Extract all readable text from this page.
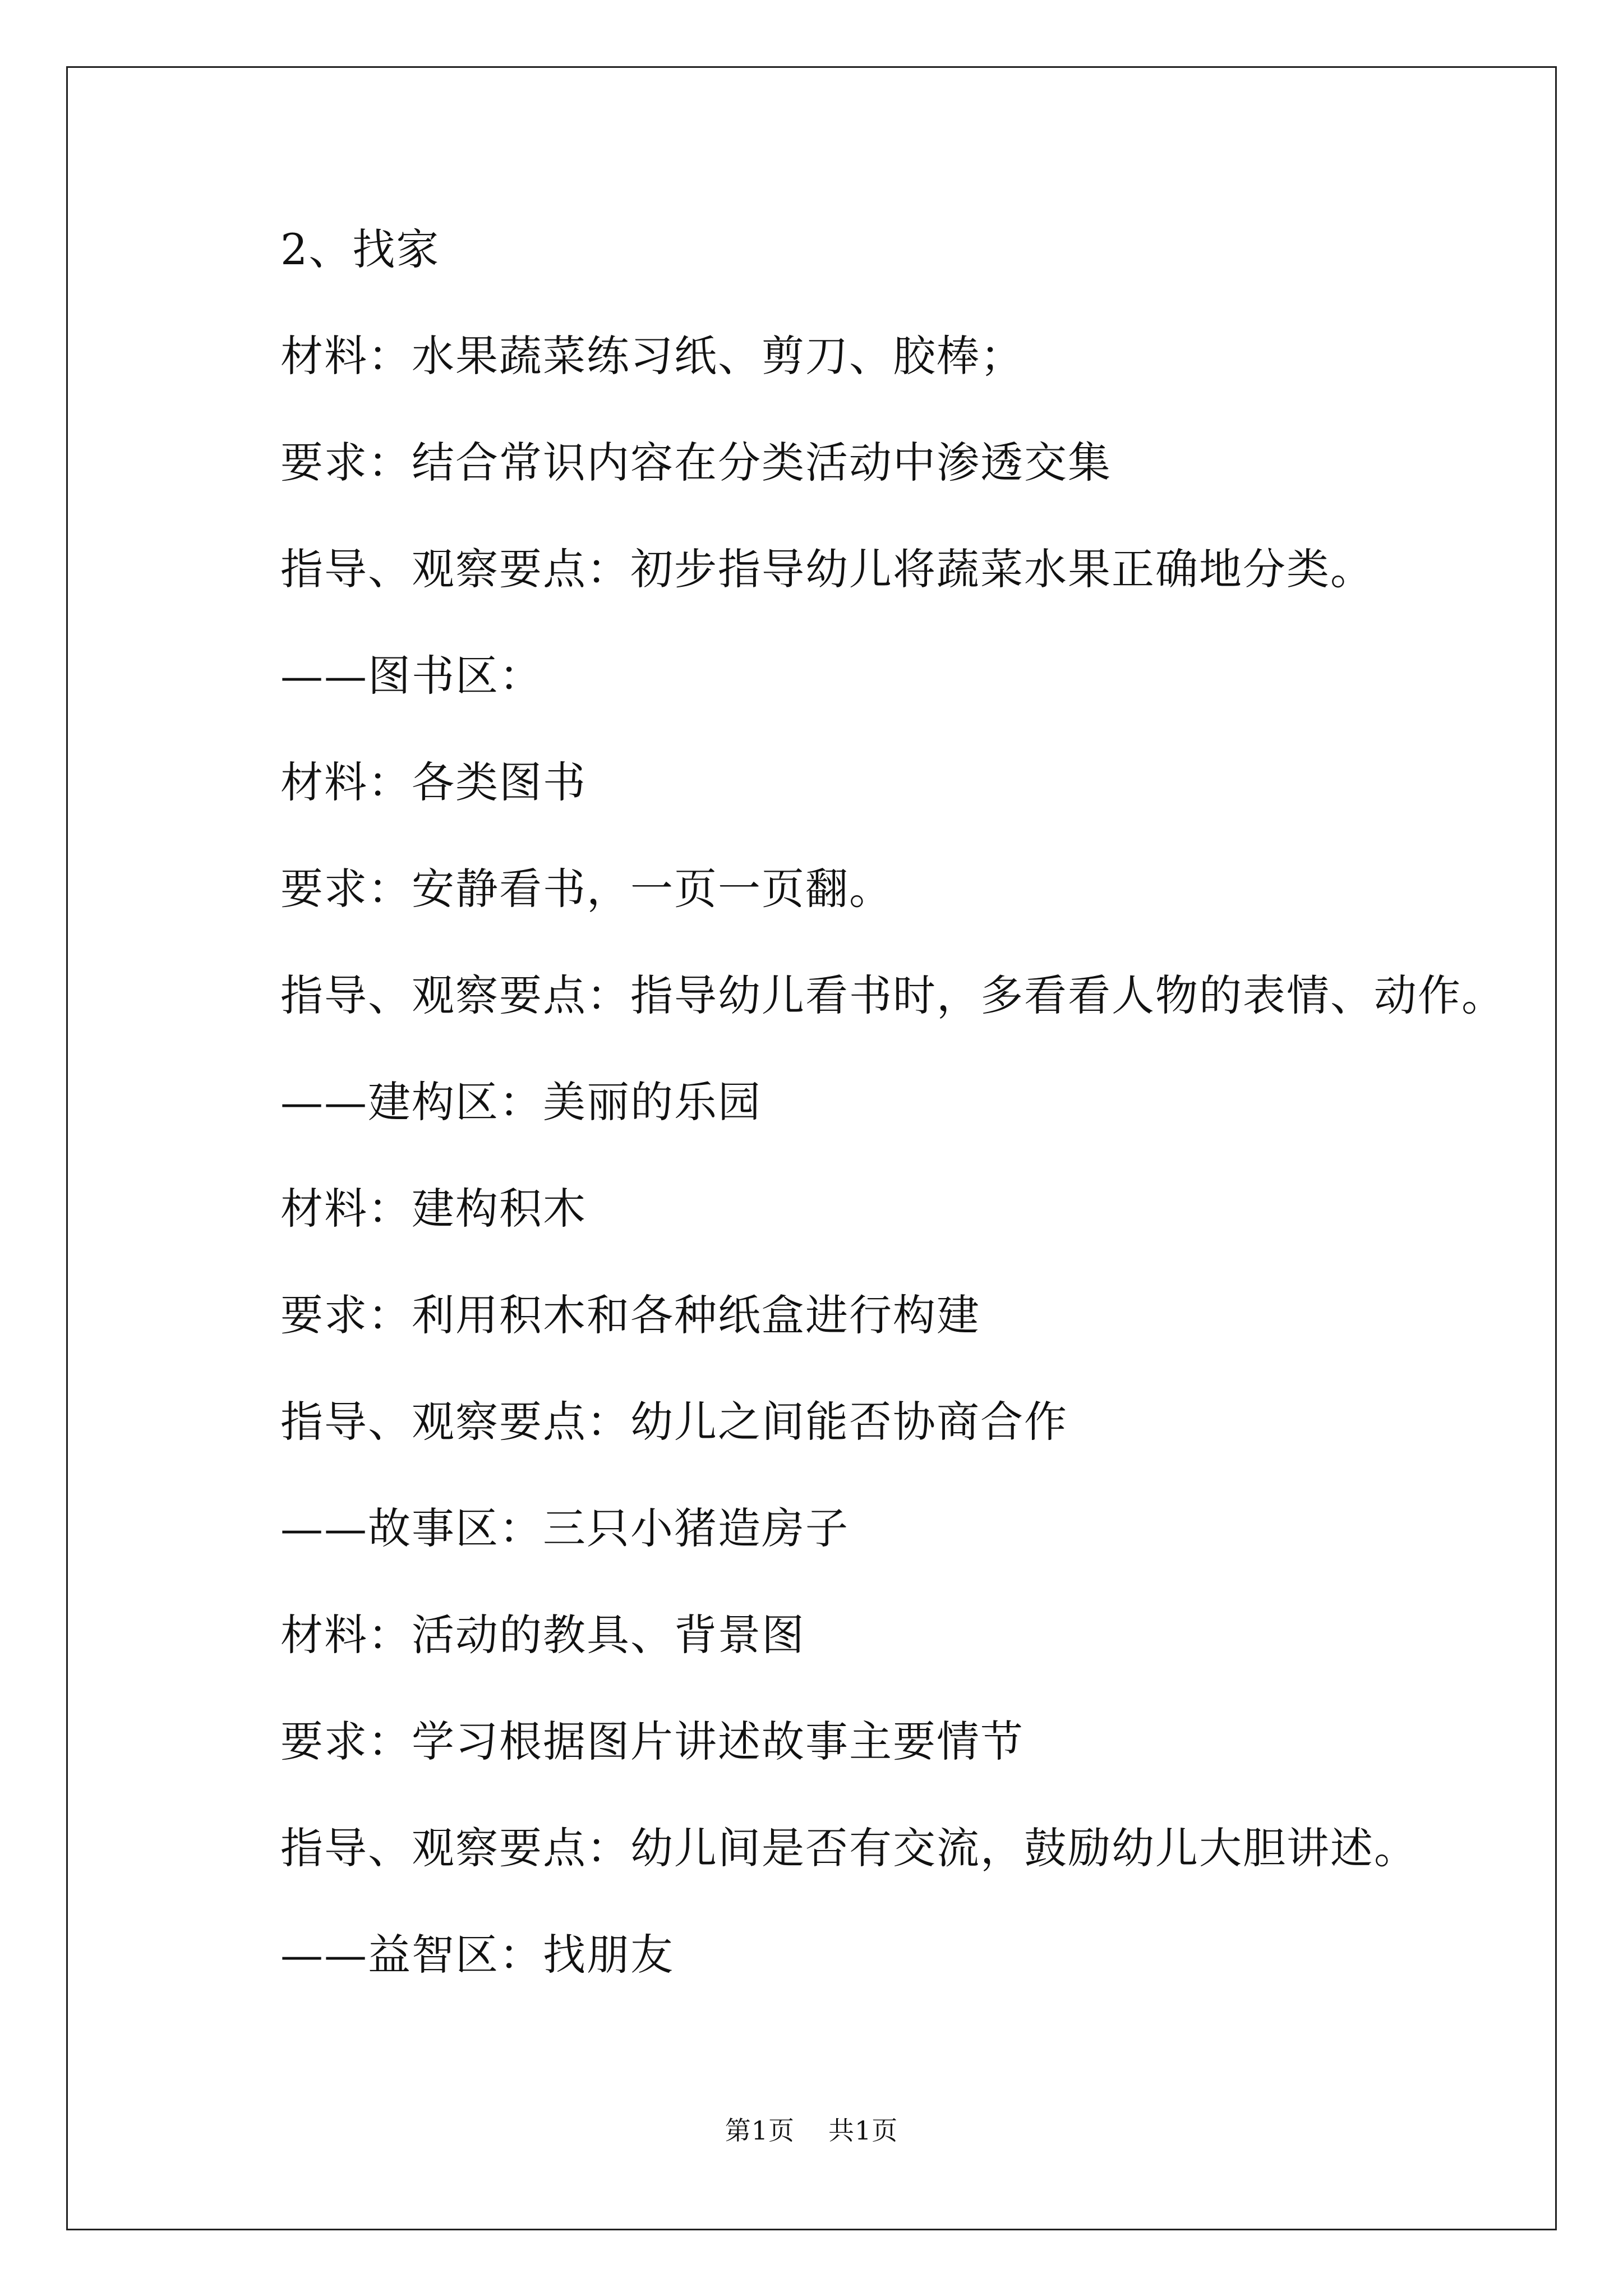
2、找家
材料：水果蔬菜练习纸、剪刀、胶棒；
要求：结合常识内容在分类活动中渗透交集
指导、观察要点：初步指导幼儿将蔬菜水果正确地分类。
——图书区：
材料：各类图书
要求：安静看书，一页一页翻。
指导、观察要点：指导幼儿看书时，多看看人物的表情、动作。
——建构区：美丽的乐园
材料：建构积木
要求：利用积木和各种纸盒进行构建
指导、观察要点：幼儿之间能否协商合作
——故事区：三只小猪造房子
材料：活动的教具、背景图
要求：学习根据图片讲述故事主要情节
指导、观察要点：幼儿间是否有交流，鼓励幼儿大胆讲述。
——益智区：找朋友
第1页 共1页
